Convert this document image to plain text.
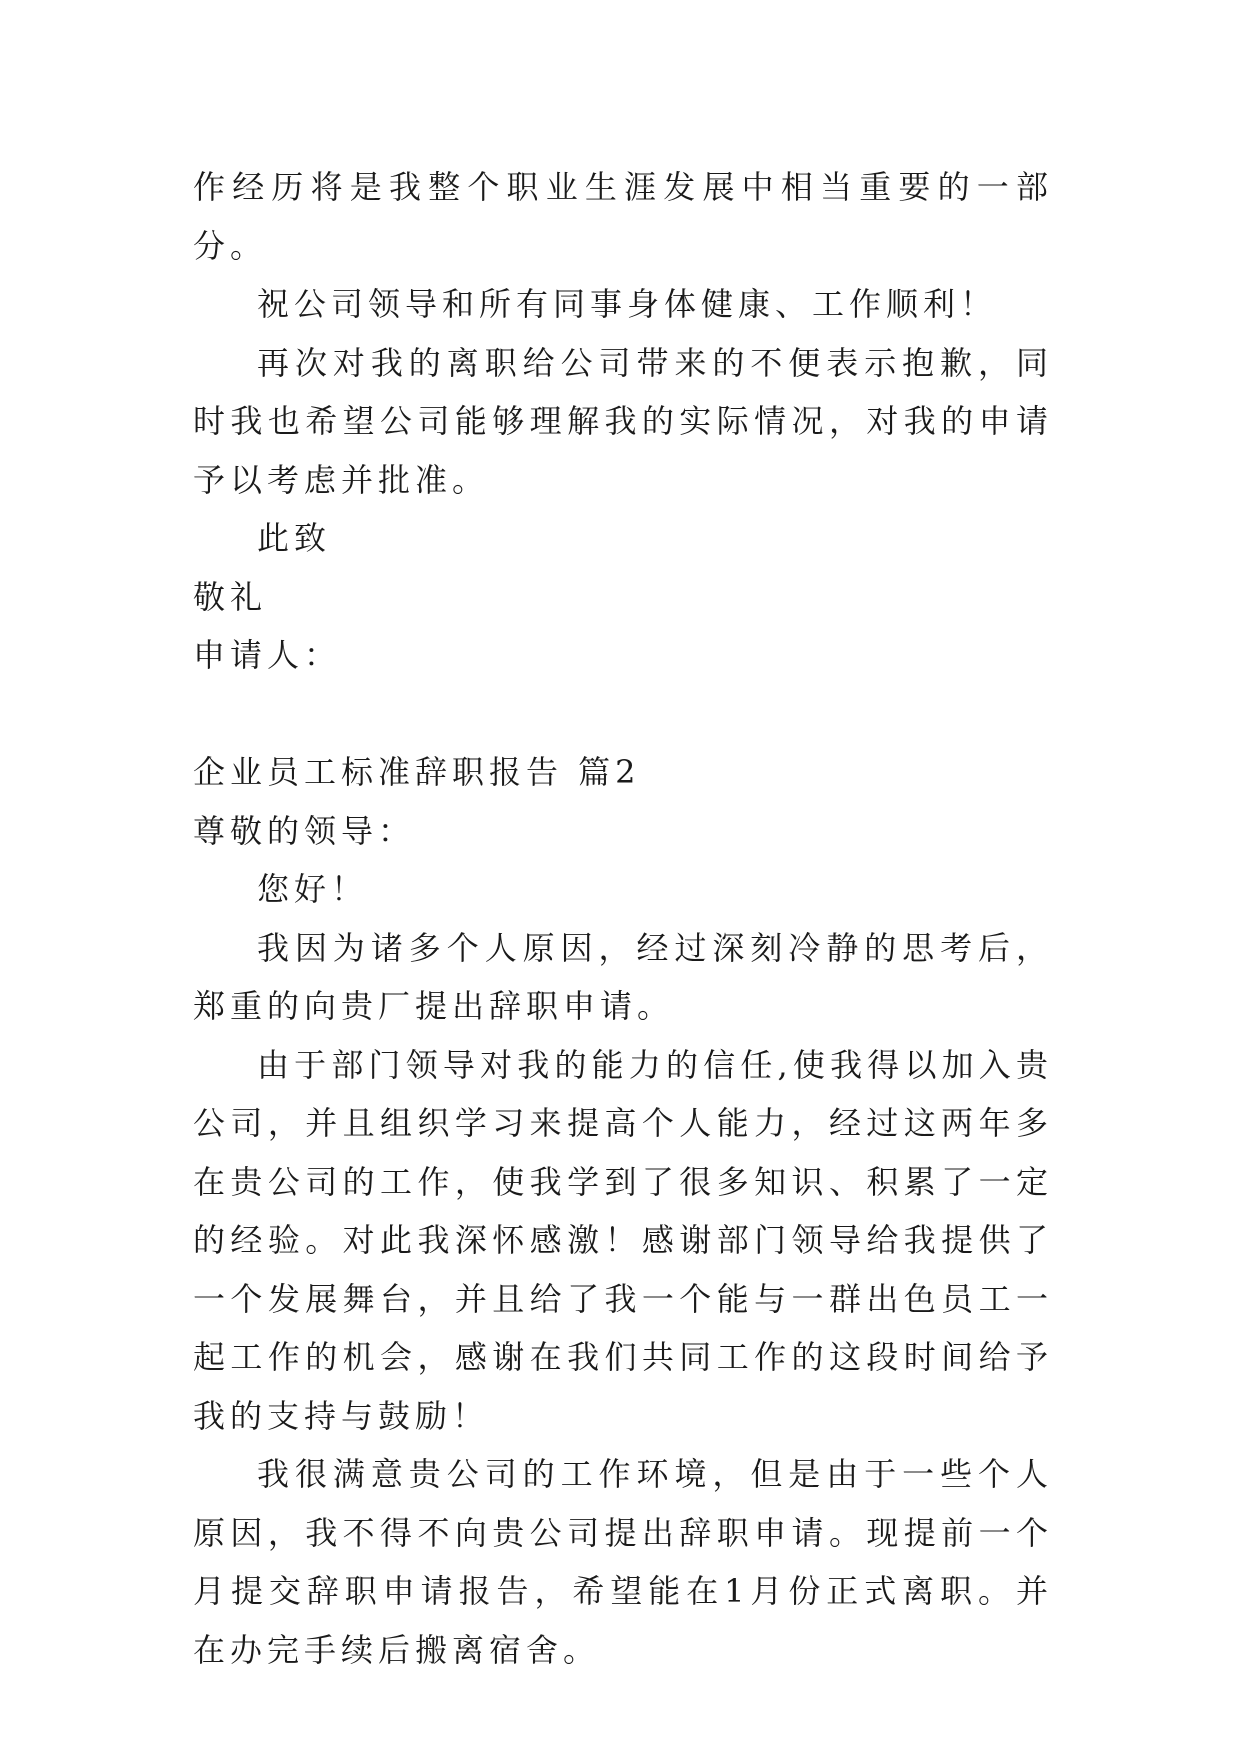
作经历将是我整个职业生涯发展中相当重要的一部分。

祝公司领导和所有同事身体健康、工作顺利！

再次对我的离职给公司带来的不便表示抱歉，同时我也希望公司能够理解我的实际情况，对我的申请予以考虑并批准。

此致

敬礼

申请人：

企业员工标准辞职报告 篇2

尊敬的领导：

您好！

我因为诸多个人原因，经过深刻冷静的思考后，郑重的向贵厂提出辞职申请。

由于部门领导对我的能力的信任,使我得以加入贵公司，并且组织学习来提高个人能力，经过这两年多在贵公司的工作，使我学到了很多知识、积累了一定的经验。对此我深怀感激！感谢部门领导给我提供了一个发展舞台，并且给了我一个能与一群出色员工一起工作的机会，感谢在我们共同工作的这段时间给予我的支持与鼓励！

我很满意贵公司的工作环境，但是由于一些个人原因，我不得不向贵公司提出辞职申请。现提前一个月提交辞职申请报告，希望能在1月份正式离职。并在办完手续后搬离宿舍。
